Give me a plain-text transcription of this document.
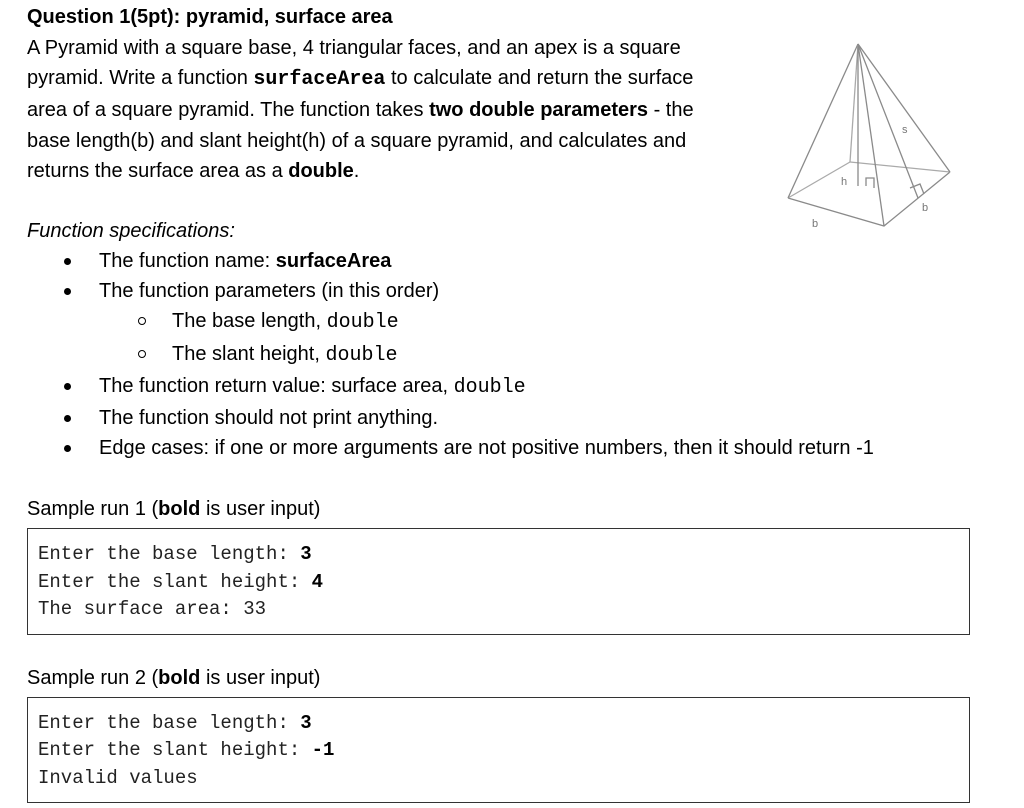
Question 1(5pt): pyramid, surface area

A Pyramid with a square base, 4 triangular faces, and an apex is a square pyramid. Write a function surfaceArea to calculate and return the surface area of a square pyramid. The function takes two double parameters - the base length(b) and slant height(h) of a square pyramid, and calculates and returns the surface area as a double.

Function specifications:
The function name: surfaceArea
The function parameters (in this order)
The base length, double
The slant height, double
The function return value: surface area, double
The function should not print anything.
Edge cases: if one or more arguments are not positive numbers, then it should return -1
Sample run 1 (bold is user input)
Enter the base length: 3
Enter the slant height: 4
The surface area: 33
Sample run 2 (bold is user input)
Enter the base length: 3
Enter the slant height: -1
Invalid values
h
s
b
b
